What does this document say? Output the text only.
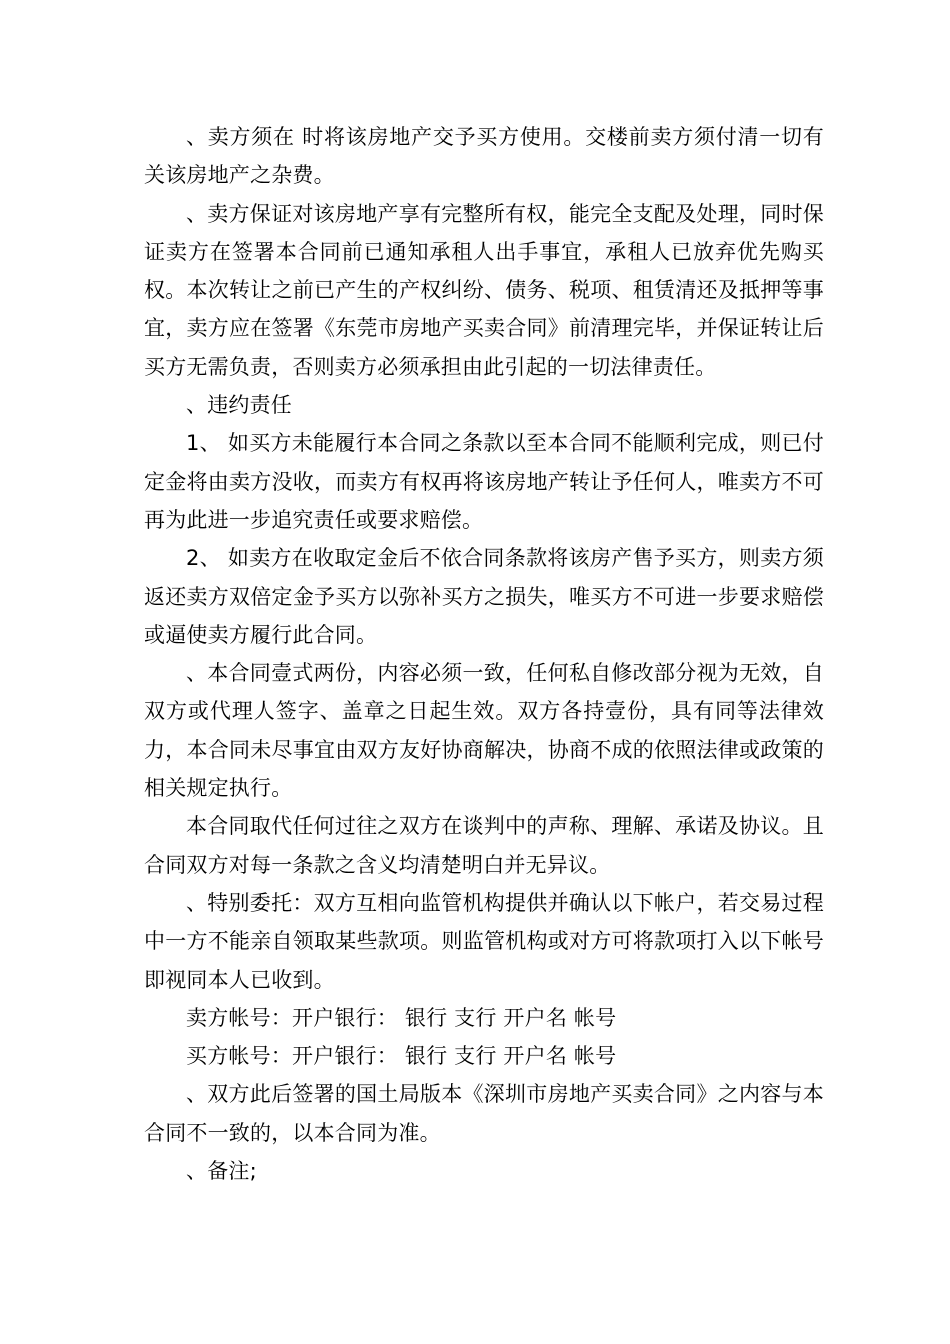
、卖方须在 时将该房地产交予买方使用。交楼前卖方须付清一切有关该房地产之杂费。

、卖方保证对该房地产享有完整所有权，能完全支配及处理，同时保证卖方在签署本合同前已通知承租人出手事宜，承租人已放弃优先购买权。本次转让之前已产生的产权纠纷、债务、税项、租赁清还及抵押等事宜，卖方应在签署《东莞市房地产买卖合同》前清理完毕，并保证转让后买方无需负责，否则卖方必须承担由此引起的一切法律责任。

、违约责任

1、 如买方未能履行本合同之条款以至本合同不能顺利完成，则已付定金将由卖方没收，而卖方有权再将该房地产转让予任何人，唯卖方不可再为此进一步追究责任或要求赔偿。

2、 如卖方在收取定金后不依合同条款将该房产售予买方，则卖方须返还卖方双倍定金予买方以弥补买方之损失，唯买方不可进一步要求赔偿或逼使卖方履行此合同。

、本合同壹式两份，内容必须一致，任何私自修改部分视为无效，自双方或代理人签字、盖章之日起生效。双方各持壹份，具有同等法律效力，本合同未尽事宜由双方友好协商解决，协商不成的依照法律或政策的相关规定执行。

本合同取代任何过往之双方在谈判中的声称、理解、承诺及协议。且合同双方对每一条款之含义均清楚明白并无异议。

、特别委托：双方互相向监管机构提供并确认以下帐户，若交易过程中一方不能亲自领取某些款项。则监管机构或对方可将款项打入以下帐号即视同本人已收到。

卖方帐号：开户银行： 银行 支行 开户名 帐号

买方帐号：开户银行： 银行 支行 开户名 帐号

、双方此后签署的国土局版本《深圳市房地产买卖合同》之内容与本合同不一致的，以本合同为准。

、备注;
